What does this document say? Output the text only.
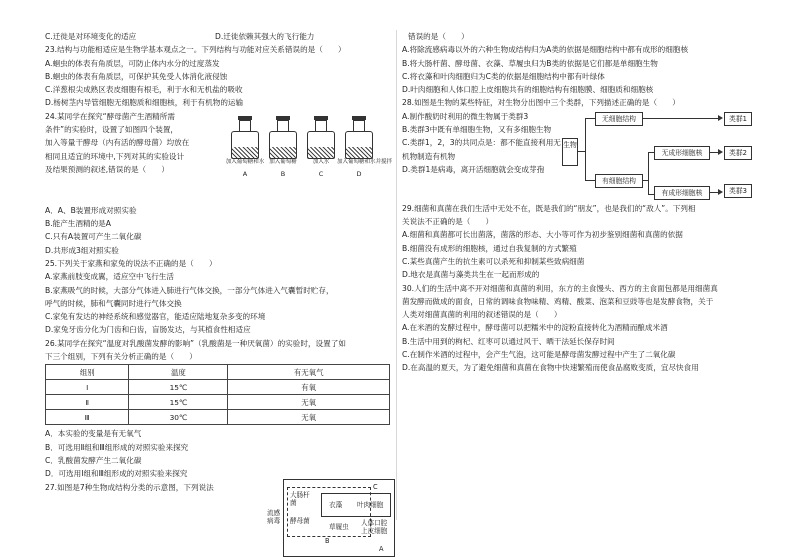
C.迁徙是对环境变化的适应	D.迁徙依赖其强大的飞行能力
23.结构与功能相适应是生物学基本观点之一。下列结构与功能对应关系错误的是（　　）
A.蛔虫的体表有角质层，可防止体内水分的过度蒸发
B.蛔虫的体表有角质层，可保护其免受人体消化液侵蚀
C.洋葱根尖成熟区表皮细胞有根毛，利于水和无机盐的吸收
D.杨树茎内导管细胞无细胞质和细胞核，利于有机物的运输
24.某同学在探究“酵母菌产生酒精所需
条件”的实验时，设置了如图四个装置，
加入等量干酵母（内有活的酵母菌）均放在
相同且适宜的环境中,下列对其的实验设计
及结果预测的叙述,错误的是（　　）
加入葡萄糖和水
A
加入葡萄糖
B
加入水
C
加入葡萄糖和水并搅拌
D
A．A、B装置形成对照实验
B.能产生酒精的是A
C.只有A装置可产生二氧化碳
D.共形成3组对照实验
25.下列关于家燕和家兔的说法不正确的是（　　）
A.家燕前肢变成翼，适应空中飞行生活
B.家燕吸气的时候，大部分气体进入肺进行气体交换，一部分气体进入气囊暂时贮存，
呼气的时候，肺和气囊同时进行气体交换
C.家兔有发达的神经系统和感觉器官，能适应陆地复杂多变的环境
D.家兔牙齿分化为门齿和臼齿，盲肠发达，与其植食性相适应
26.某同学在探究“温度对乳酸菌发酵的影响”（乳酸菌是一种厌氧菌）的实验时，设置了如
下三个组别，下列有关分析正确的是（　　）
组别	温度	有无氧气
Ⅰ	15℃	有氧
Ⅱ	15℃	无氧
Ⅲ	30℃	无氧
A．本实验的变量是有无氧气
B．可选用Ⅱ组和Ⅲ组形成的对照实验来探究
C．乳酸菌发酵产生二氧化碳
D．可选用Ⅰ组和Ⅲ组形成的对照实验来探究
27.如图是7种生物成结构分类的示意图，下列说法
流感病毒
大肠杆菌
酵母菌
衣藻 叶肉细胞
草履虫 人体口腔上皮细胞
C
B
A
错误的是（　　）
A.将除流感病毒以外的六种生物成结构归为A类的依据是细胞结构中都有成形的细胞核
B.将大肠杆菌、酵母菌、衣藻、草履虫归为B类的依据是它们都是单细胞生物
C.将衣藻和叶肉细胞归为C类的依据是细胞结构中都有叶绿体
D.叶肉细胞和人体口腔上皮细胞共有的细胞结构有细胞膜、细胞质和细胞核
28.如图是生物的某些特征，对生物分出图中三个类群，下列描述正确的是（　　）
A.制作酸奶时利用的微生物属于类群3
B.类群3中既有单细胞生物，又有多细胞生物
C.类群1，2，3的共同点是：都不能直接利用无机物制造有机物
D.类群1是病毒，离开活细胞就会变成芽孢
生物
无细胞结构
有细胞结构
类群1
无成形细胞核
有成形细胞核
类群2
类群3
29.细菌和真菌在我们生活中无处不在，既是我们的“朋友”，也是我们的“敌人”。下列相
关说法不正确的是（　　）
A.细菌和真菌都可长出菌落，菌落的形态、大小等可作为初步鉴别细菌和真菌的依据
B.细菌没有成形的细胞核，通过自我复制的方式繁殖
C.某些真菌产生的抗生素可以杀死和抑制某些致病细菌
D.地衣是真菌与藻类共生在一起而形成的
30.人们的生活中离不开对细菌和真菌的利用，东方的主食馒头、西方的主食面包都是用细菌真
菌发酵而做成的面食，日常的调味食物味精、鸡精、酸菜、泡菜和豆豉等也是发酵食物，关于
人类对细菌真菌的利用的叙述错误的是（　　）
A.在米酒的发酵过程中，酵母菌可以把糯米中的淀粉直接转化为酒精而酿成米酒
B.生活中用到的枸杞、红枣可以通过风干、晒干法延长保存时间
C.在制作米酒的过程中，会产生气泡，这可能是酵母菌发酵过程中产生了二氧化碳
D.在高温的夏天，为了避免细菌和真菌在食物中快速繁殖而使食品腐败变质，宜尽快食用
